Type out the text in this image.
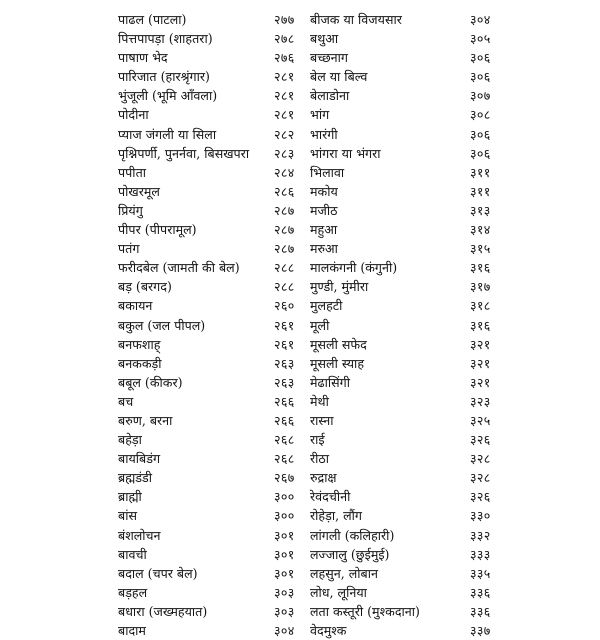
पाढल (पाटला)	२७७
पित्तपापड़ा (शाहतरा)	२७८
पाषाण भेद	२७६
पारिजात (हारश्रृंगार)	२८१
भुंजूली (भूमि आँवला)	२८१
पोदीना	२८१
प्याज जंगली या सिला	२८२
पृश्निपर्णी, पुनर्नवा, बिसखपरा २८३
पपीता	२८४
पोखरमूल	२८६
प्रियंगु	२८७
पीपर (पीपरामूल)	२८७
पतंग	२८७
फरीदबेल (जामती की बेल)	२८८
बड़ (बरगद)	२८८
बकायन	२६०
बकुल (जल पीपल)	२६१
बनफशाह्	२६१
बनककड़ी	२६३
बबूल (कीकर)	२६३
बच	२६६
बरुण, बरना	२६६
बहेड़ा	२६८
बायबिडंग	२६८
ब्रह्मडंडी	२६७
ब्राह्मी	३००
बांस	३००
बंशलोचन	३०१
बावची	३०१
बदाल (चपर बेल)	३०१
बड़हल	३०३
बधारा (जख्महयात)	३०३
बादाम	३०४
बीजक या विजयसार	३०४
बथुआ	३०५
बच्छनाग	३०६
बेल या बिल्व	३०६
बेलाडोना	३०७
भांग	३०८
भारंगी	३०६
भांगरा या भंगरा	३०६
भिलावा	३११
मकोय	३११
मजीठ	३१३
महुआ	३१४
मरुआ	३१५
मालकंगनी (कंगुनी)	३१६
मुण्डी, मुंमीरा	३१७
मुलहटी	३१८
मूली	३१६
मूसली सफेद	३२१
मूसली स्याह	३२१
मेढासिंगी	३२१
मेथी	३२३
रास्ना	३२५
राई	३२६
रीठा	३२८
रुद्राक्ष	३२८
रेवंदचीनी	३२६
रोहेड़ा, लौंग	३३०
लांगली (कलिहारी)	३३२
लज्जालु (छुईमुई)	३३३
लहसुन, लोबान	३३५
लोध, लूनिया	३३६
लता कस्तूरी (मुश्कदाना)	३३६
वेदमुश्क	३३७
